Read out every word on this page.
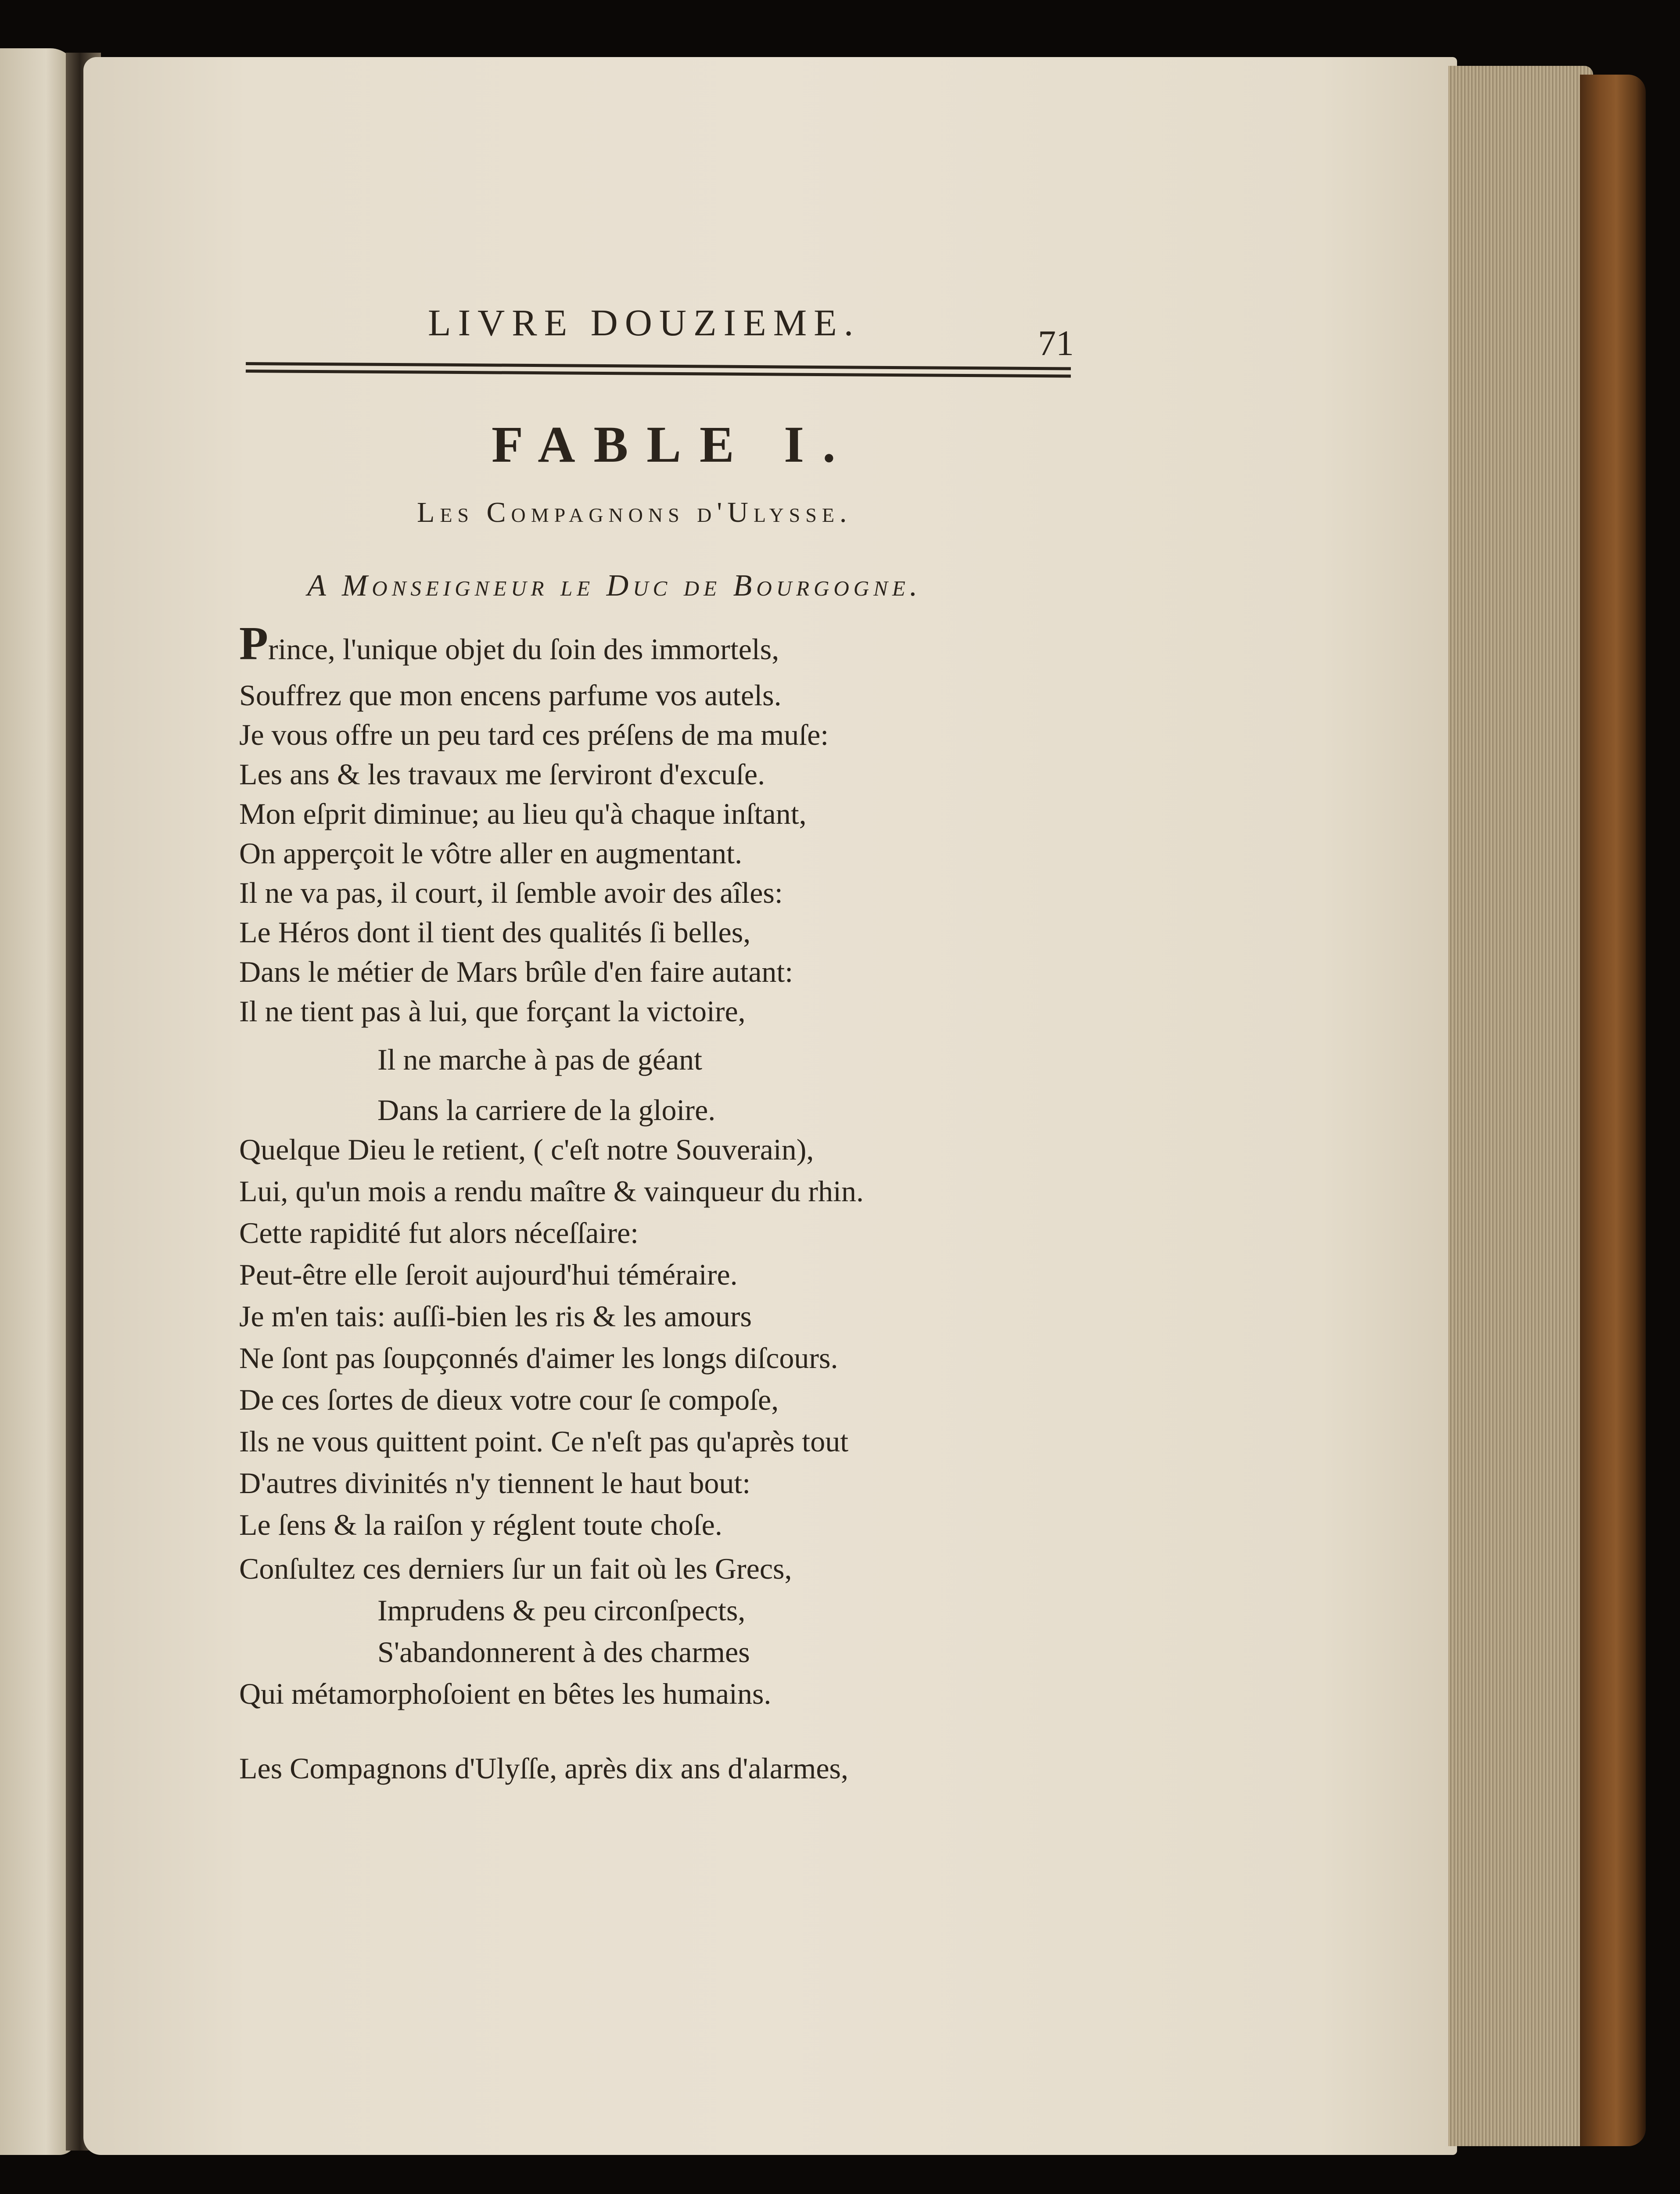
LIVRE DOUZIEME.	71
FABLE I.
Les Compagnons d'Ulysse.
A Monseigneur le Duc de Bourgogne.
Prince, l'unique objet du ſoin des immortels,
Souffrez que mon encens parfume vos autels.
Je vous offre un peu tard ces préſens de ma muſe:
Les ans & les travaux me ſerviront d'excuſe.
Mon eſprit diminue; au lieu qu'à chaque inſtant,
On apperçoit le vôtre aller en augmentant.
Il ne va pas, il court, il ſemble avoir des aîles:
Le Héros dont il tient des qualités ſi belles,
Dans le métier de Mars brûle d'en faire autant:
Il ne tient pas à lui, que forçant la victoire,
Il ne marche à pas de géant
Dans la carriere de la gloire.
Quelque Dieu le retient, ( c'eſt notre Souverain),
Lui, qu'un mois a rendu maître & vainqueur du rhin.
Cette rapidité fut alors néceſſaire:
Peut-être elle ſeroit aujourd'hui téméraire.
Je m'en tais: auſſi-bien les ris & les amours
Ne ſont pas ſoupçonnés d'aimer les longs diſcours.
De ces ſortes de dieux votre cour ſe compoſe,
Ils ne vous quittent point. Ce n'eſt pas qu'après tout
D'autres divinités n'y tiennent le haut bout:
Le ſens & la raiſon y réglent toute choſe.
Conſultez ces derniers ſur un fait où les Grecs,
Imprudens & peu circonſpects,
S'abandonnerent à des charmes
Qui métamorphoſoient en bêtes les humains.
Les Compagnons d'Ulyſſe, après dix ans d'alarmes,
